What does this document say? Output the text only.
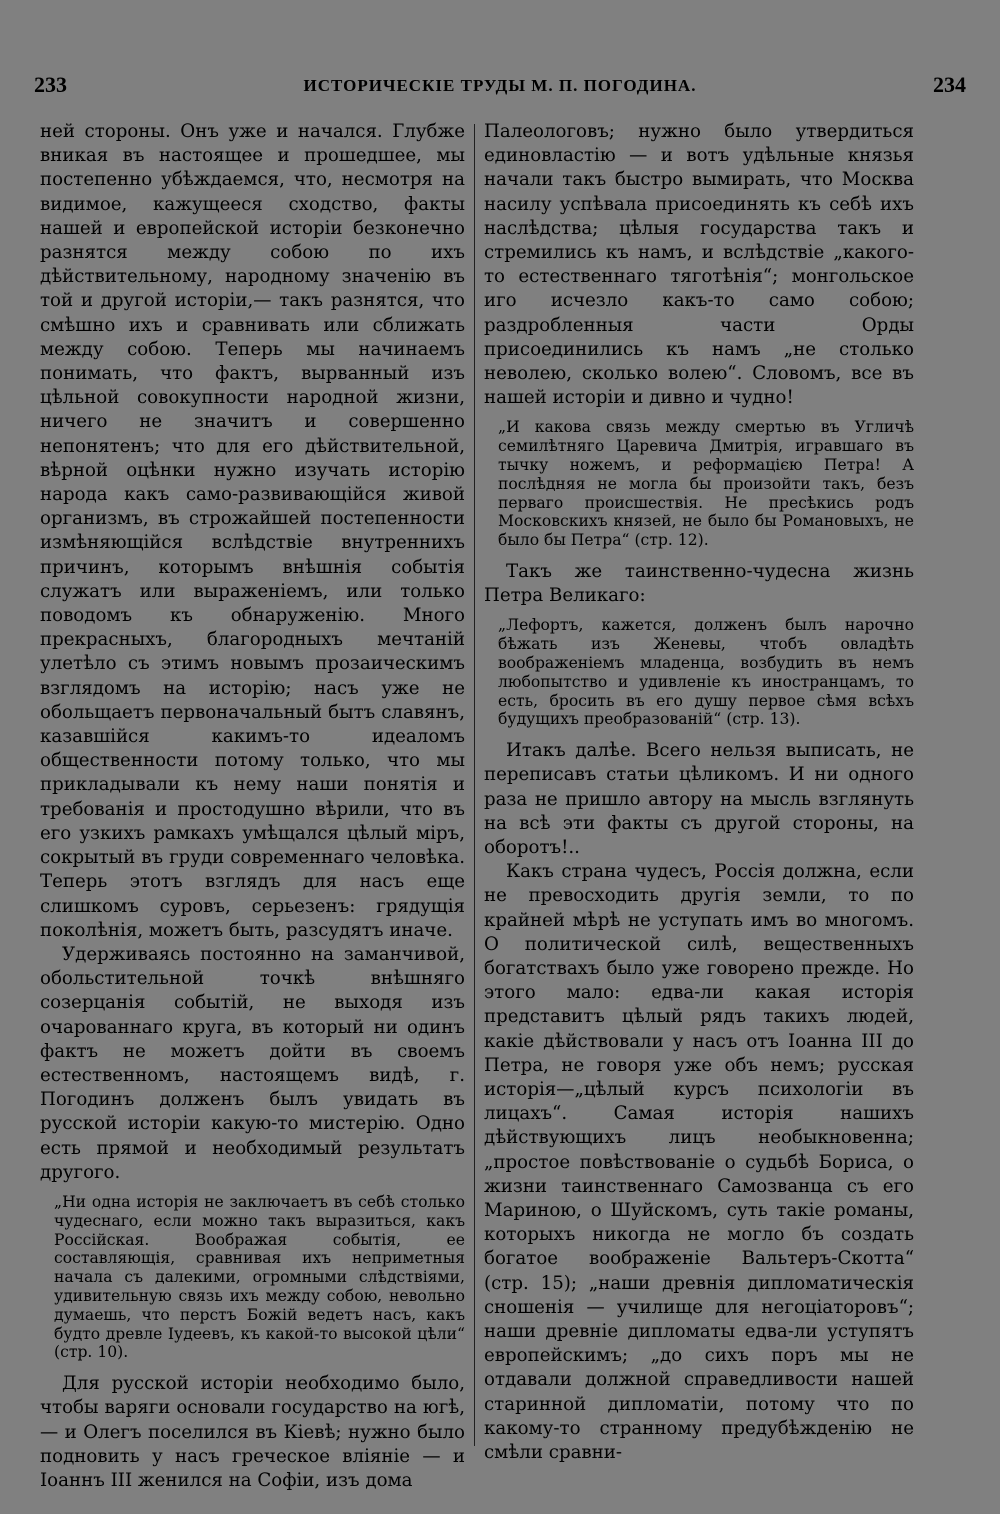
233	ИСТОРИЧЕСКІЕ ТРУДЫ М. П. ПОГОДИНА.	234

ней стороны. Онъ уже и начался. Глубже вникая въ настоящее и прошедшее, мы постепенно убѣждаемся, что, несмотря на видимое, кажущееся сходство, факты нашей и европейской исторіи безконечно разнятся между собою по ихъ дѣйствительному, народному значенію въ той и другой исторіи,— такъ разнятся, что смѣшно ихъ и сравнивать или сближать между собою. Теперь мы начинаемъ понимать, что фактъ, вырванный изъ цѣльной совокупности народной жизни, ничего не значитъ и совершенно непонятенъ; что для его дѣйствительной, вѣрной оцѣнки нужно изучать исторію народа какъ само-развивающійся живой организмъ, въ строжайшей постепенности измѣняющійся вслѣдствіе внутреннихъ причинъ, которымъ внѣшнія событія служатъ или выраженіемъ, или только поводомъ къ обнаруженію. Много прекрасныхъ, благородныхъ мечтаній улетѣло съ этимъ новымъ прозаическимъ взглядомъ на исторію; насъ уже не обольщаетъ первоначальный бытъ славянъ, казавшійся какимъ-то идеаломъ общественности потому только, что мы прикладывали къ нему наши понятія и требованія и простодушно вѣрили, что въ его узкихъ рамкахъ умѣщался цѣлый міръ, сокрытый въ груди современнаго человѣка. Теперь этотъ взглядъ для насъ еще слишкомъ суровъ, серьезенъ: грядущія поколѣнія, можетъ быть, разсудятъ иначе.

Удерживаясь постоянно на заманчивой, обольстительной точкѣ внѣшняго созерцанія событій, не выходя изъ очарованнаго круга, въ который ни одинъ фактъ не можетъ дойти въ своемъ естественномъ, настоящемъ видѣ, г. Погодинъ долженъ былъ увидать въ русской исторіи какую-то мистерію. Одно есть прямой и необходимый результатъ другого.

„Ни одна исторія не заключаетъ въ себѣ столько чудеснаго, если можно такъ выразиться, какъ Россійская. Воображая событія, ее составляющія, сравнивая ихъ неприметныя начала съ далекими, огромными слѣдствіями, удивительную связь ихъ между собою, невольно думаешь, что перстъ Божій ведетъ насъ, какъ будто древле Іудеевъ, къ какой-то высокой цѣли“ (стр. 10).

Для русской исторіи необходимо было, чтобы варяги основали государство на югѣ,— и Олегъ поселился въ Кіевѣ; нужно было подновить у насъ греческое вліяніе — и Іоаннъ III женился на Софіи, изъ дома

Палеологовъ; нужно было утвердиться единовластію — и вотъ удѣльные князья начали такъ быстро вымирать, что Москва насилу успѣвала присоединять къ себѣ ихъ наслѣдства; цѣлыя государства такъ и стремились къ намъ, и вслѣдствіе „какого-то естественнаго тяготѣнія“; монгольское иго исчезло какъ-то само собою; раздробленныя части Орды присоединились къ намъ „не столько неволею, сколько волею“. Словомъ, все въ нашей исторіи и дивно и чудно!

„И какова связь между смертью въ Угличѣ семилѣтняго Царевича Дмитрія, игравшаго въ тычку ножемъ, и реформацією Петра! А послѣдняя не могла бы произойти такъ, безъ перваго происшествія. Не пресѣкись родъ Московскихъ князей, не было бы Романовыхъ, не было бы Петра“ (стр. 12).

Такъ же таинственно-чудесна жизнь Петра Великаго:

„Лефортъ, кажется, долженъ былъ нарочно бѣжать изъ Женевы, чтобъ овладѣть воображеніемъ младенца, возбудить въ немъ любопытство и удивленіе къ иностранцамъ, то есть, бросить въ его душу первое сѣмя всѣхъ будущихъ преобразованій“ (стр. 13).

Итакъ далѣе. Всего нельзя выписать, не переписавъ статьи цѣликомъ. И ни одного раза не пришло автору на мысль взглянуть на всѣ эти факты съ другой стороны, на оборотъ!..

Какъ страна чудесъ, Россія должна, если не превосходить другія земли, то по крайней мѣрѣ не уступать имъ во многомъ. О политической силѣ, вещественныхъ богатствахъ было уже говорено прежде. Но этого мало: едва-ли какая исторія представитъ цѣлый рядъ такихъ людей, какіе дѣйствовали у насъ отъ Іоанна III до Петра, не говоря уже объ немъ; русская исторія—„цѣлый курсъ психологіи въ лицахъ“. Самая исторія нашихъ дѣйствующихъ лицъ необыкновенна; „простое повѣствованіе о судьбѣ Бориса, о жизни таинственнаго Самозванца съ его Мариною, о Шуйскомъ, суть такіе романы, которыхъ никогда не могло бъ создать богатое воображеніе Вальтеръ-Скотта“ (стр. 15); „наши древнія дипломатическія сношенія — училище для негоціаторовъ“; наши древніе дипломаты едва-ли уступятъ европейскимъ; „до сихъ поръ мы не отдавали должной справедливости нашей старинной дипломатіи, потому что по какому-то странному предубѣжденію не смѣли сравни-
